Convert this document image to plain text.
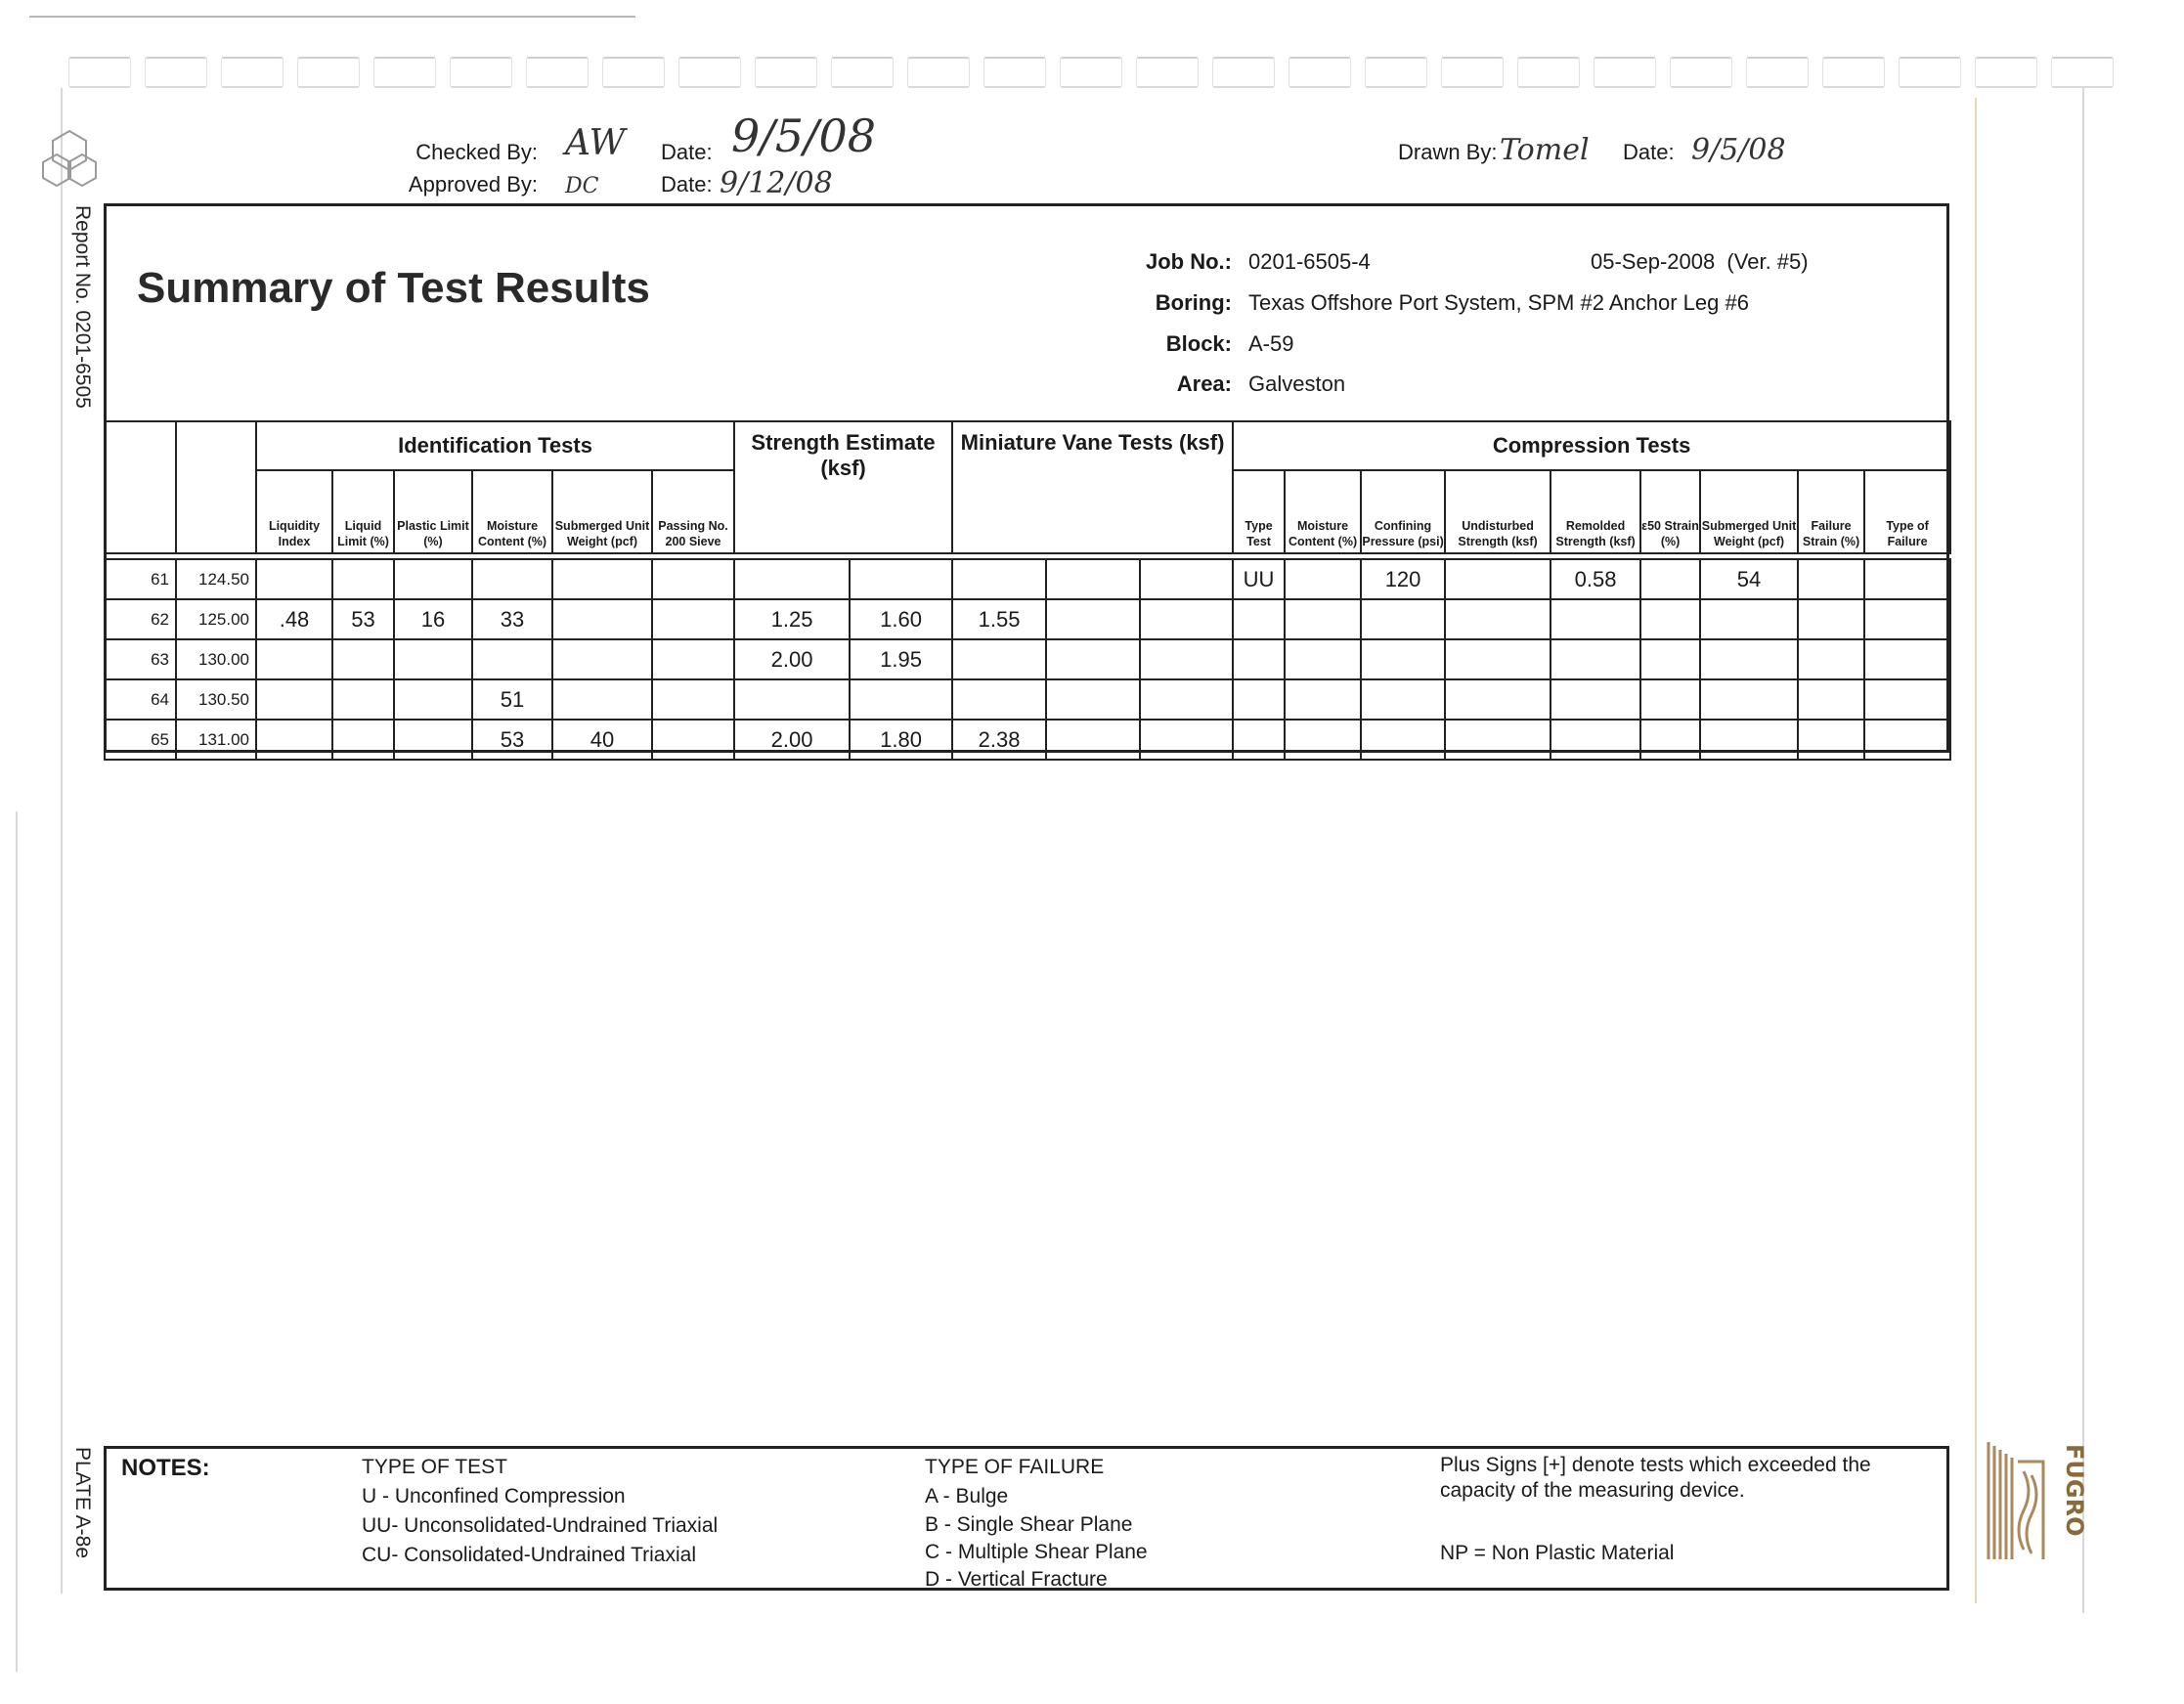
Report No. 0201-6505
PLATE A-8e
Checked By: AW
Approved By: DC
Date: 9/5/08
Date: 9/12/08
Drawn By: Tomel Date: 9/5/08
Summary of Test Results
Job No.: 0201-6505-4	05-Sep-2008  (Ver. #5)
Boring: Texas Offshore Port System, SPM #2 Anchor Leg #6
Block: A-59
Area: Galveston
		Identification Tests						Strength Estimate (ksf)		Miniature Vane Tests (ksf)			Compression Tests								
		Liquidity Index	Liquid Limit (%)	Plastic Limit (%)	Moisture Content (%)	Submerged Unit Weight (pcf)	Passing No. 200 Sieve						Type Test	Moisture Content (%)	Confining Pressure (psi)	Undisturbed Strength (ksf)	Remolded Strength (ksf)	ε50 Strain (%)	Submerged Unit Weight (pcf)	Failure Strain (%)	Type of Failure

61	124.50												UU		120		0.58		54		
62	125.00	.48	53	16	33			1.25	1.60	1.55											
63	130.00							2.00	1.95												
64	130.50				51																
65	131.00				53	40		2.00	1.80	2.38											
NOTES:	TYPE OF TEST
U - Unconfined Compression
UU- Unconsolidated-Undrained Triaxial
CU- Consolidated-Undrained Triaxial
TYPE OF FAILURE
A - Bulge
B - Single Shear Plane
C - Multiple Shear Plane
D - Vertical Fracture
Plus Signs [+] denote tests which exceeded the capacity of the measuring device.
NP = Non Plastic Material
FUGRO
